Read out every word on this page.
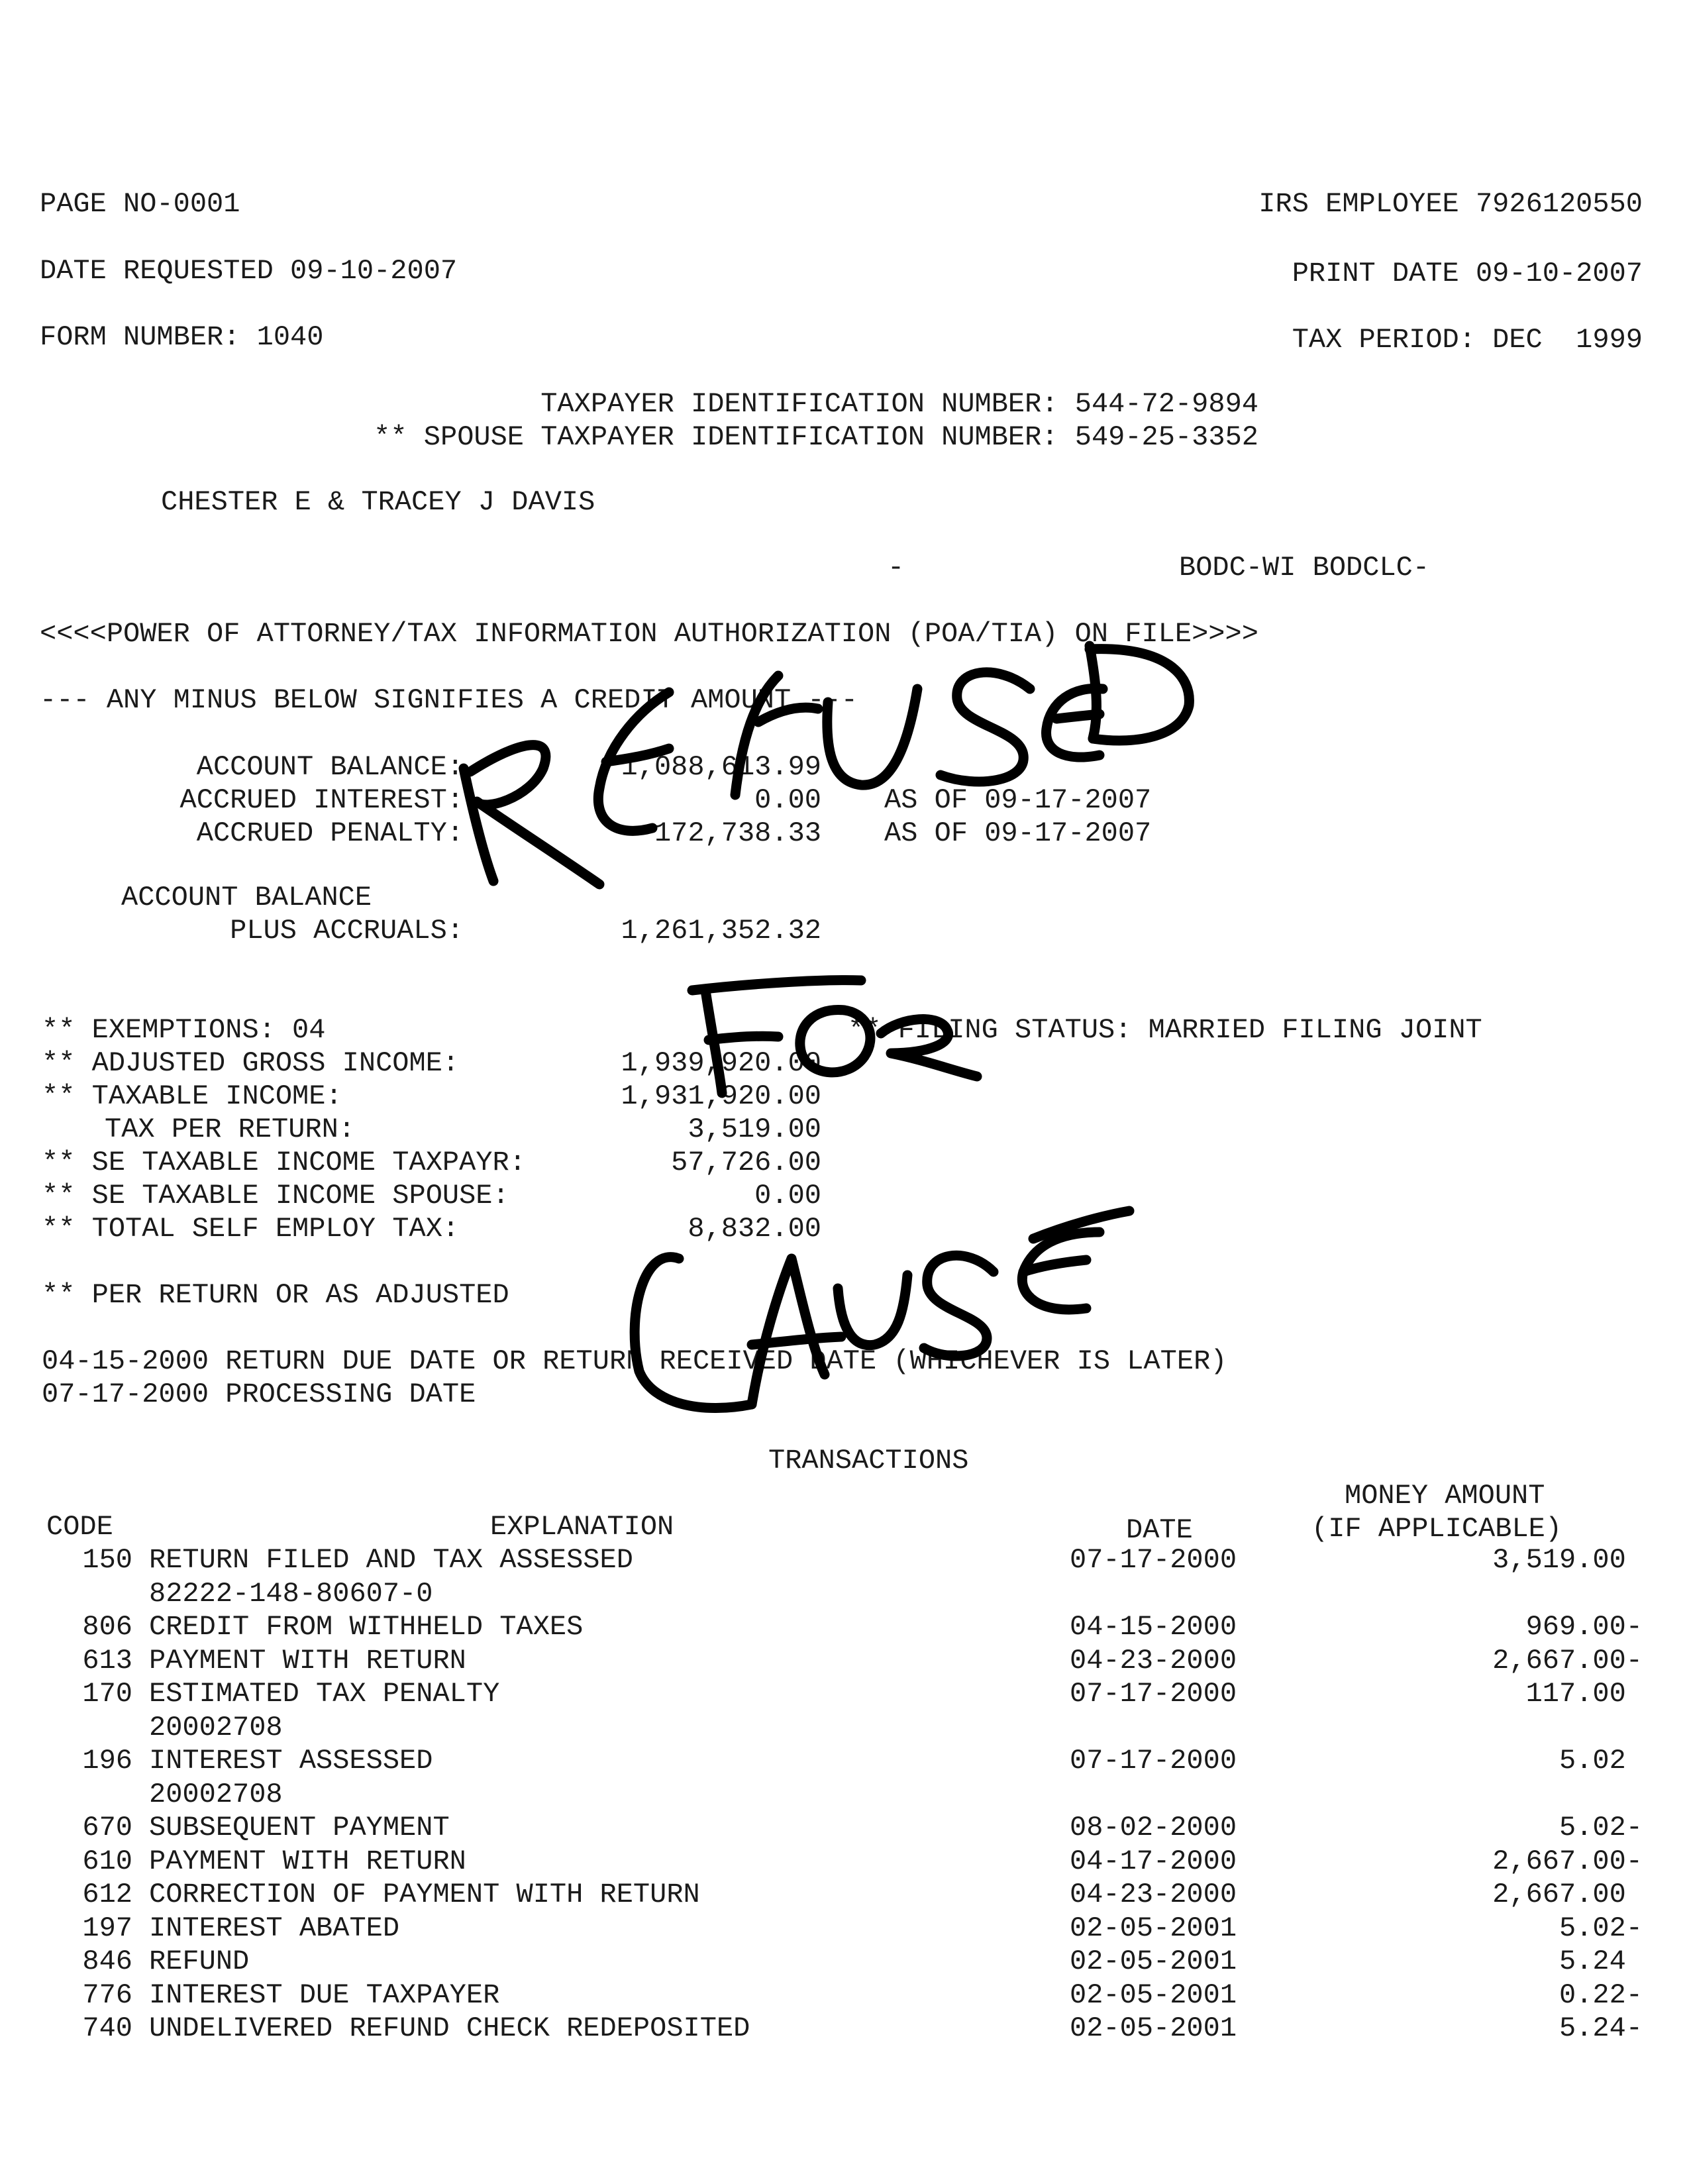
PAGE NO-0001	IRS EMPLOYEE 7926120550
DATE REQUESTED 09-10-2007	PRINT DATE 09-10-2007
FORM NUMBER: 1040	TAX PERIOD: DEC  1999
TAXPAYER IDENTIFICATION NUMBER: 544-72-9894
** SPOUSE TAXPAYER IDENTIFICATION NUMBER: 549-25-3352
CHESTER E & TRACEY J DAVIS
-	BODC-WI BODCLC-
<<<<POWER OF ATTORNEY/TAX INFORMATION AUTHORIZATION (POA/TIA) ON FILE>>>>
--- ANY MINUS BELOW SIGNIFIES A CREDIT AMOUNT ---
ACCOUNT BALANCE:	1,088,613.99
ACCRUED INTEREST:	0.00 AS OF 09-17-2007
ACCRUED PENALTY:	172,738.33 AS OF 09-17-2007
ACCOUNT BALANCE
PLUS ACCRUALS:	1,261,352.32
** EXEMPTIONS: 04	** FILING STATUS: MARRIED FILING JOINT
** ADJUSTED GROSS INCOME:	1,939,920.00
** TAXABLE INCOME:	1,931,920.00
TAX PER RETURN:	3,519.00
** SE TAXABLE INCOME TAXPAYR:	57,726.00
** SE TAXABLE INCOME SPOUSE:	0.00
** TOTAL SELF EMPLOY TAX:	8,832.00
** PER RETURN OR AS ADJUSTED
04-15-2000 RETURN DUE DATE OR RETURN RECEIVED DATE (WHICHEVER IS LATER)
07-17-2000 PROCESSING DATE
TRANSACTIONS
CODE	EXPLANATION	DATE
MONEY AMOUNT
(IF APPLICABLE)
150 RETURN FILED AND TAX ASSESSED	07-17-2000	3,519.00
82222-148-80607-0
806 CREDIT FROM WITHHELD TAXES	04-15-2000	969.00-
613 PAYMENT WITH RETURN	04-23-2000	2,667.00-
170 ESTIMATED TAX PENALTY	07-17-2000	117.00
20002708
196 INTEREST ASSESSED	07-17-2000	5.02
20002708
670 SUBSEQUENT PAYMENT	08-02-2000	5.02-
610 PAYMENT WITH RETURN	04-17-2000	2,667.00-
612 CORRECTION OF PAYMENT WITH RETURN	04-23-2000	2,667.00
197 INTEREST ABATED	02-05-2001	5.02-
846 REFUND	02-05-2001	5.24
776 INTEREST DUE TAXPAYER	02-05-2001	0.22-
740 UNDELIVERED REFUND CHECK REDEPOSITED	02-05-2001	5.24-
